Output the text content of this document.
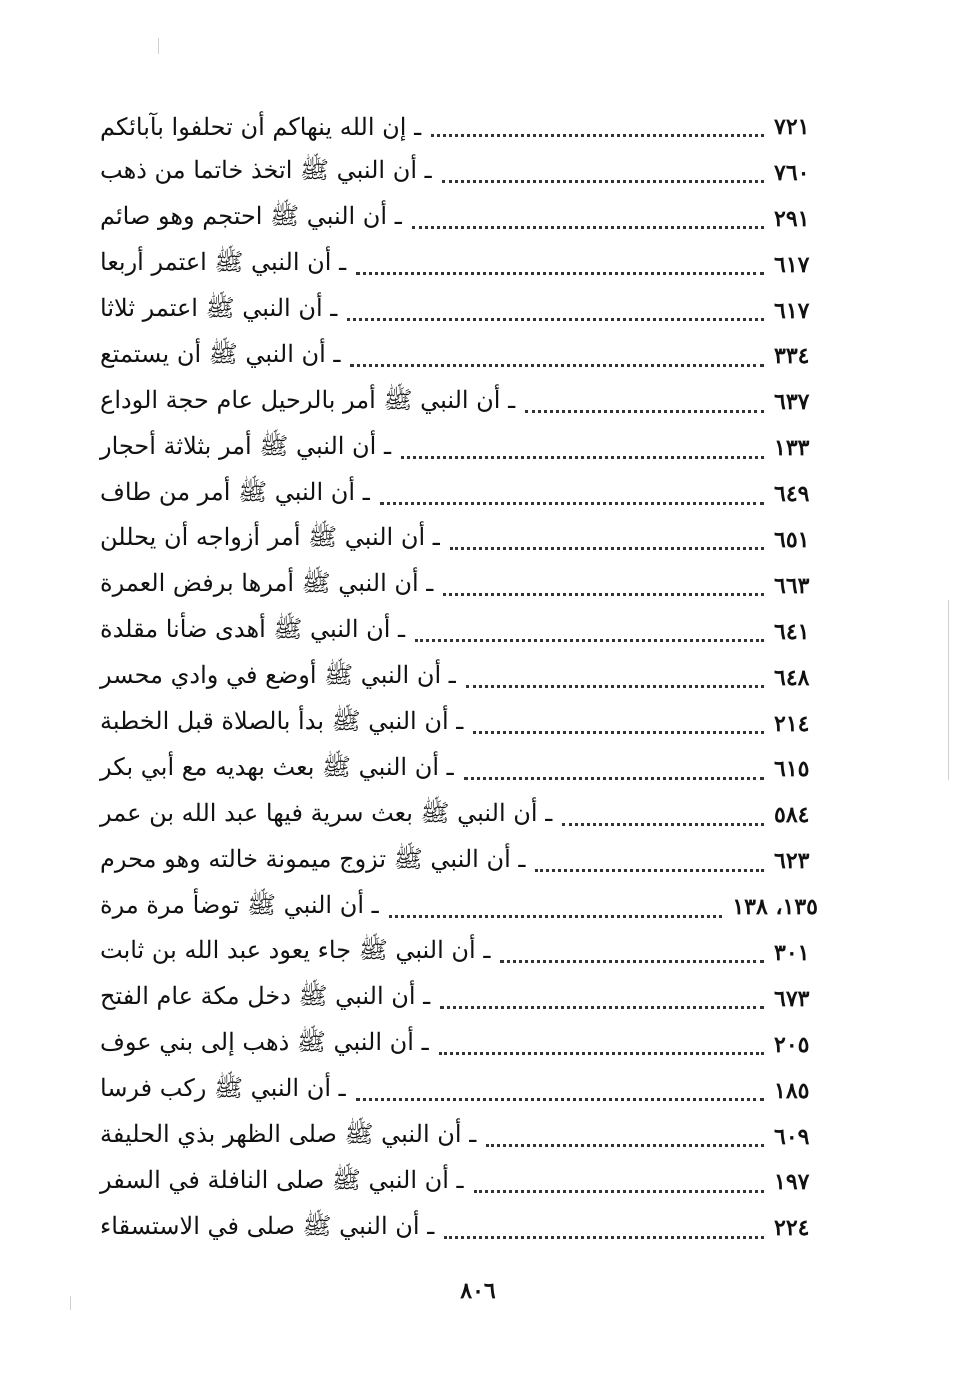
ـ إن الله ينهاكم أن تحلفوا بآبائكم	٧٢١
ـ أن النبي ﷺ اتخذ خاتما من ذهب	٧٦٠
ـ أن النبي ﷺ احتجم وهو صائم	٢٩١
ـ أن النبي ﷺ اعتمر أربعا	٦١٧
ـ أن النبي ﷺ اعتمر ثلاثا	٦١٧
ـ أن النبي ﷺ أن يستمتع	٣٣٤
ـ أن النبي ﷺ أمر بالرحيل عام حجة الوداع	٦٣٧
ـ أن النبي ﷺ أمر بثلاثة أحجار	١٣٣
ـ أن النبي ﷺ أمر من طاف	٦٤٩
ـ أن النبي ﷺ أمر أزواجه أن يحللن	٦٥١
ـ أن النبي ﷺ أمرها برفض العمرة	٦٦٣
ـ أن النبي ﷺ أهدى ضأنا مقلدة	٦٤١
ـ أن النبي ﷺ أوضع في وادي محسر	٦٤٨
ـ أن النبي ﷺ بدأ بالصلاة قبل الخطبة	٢١٤
ـ أن النبي ﷺ بعث بهديه مع أبي بكر	٦١٥
ـ أن النبي ﷺ بعث سرية فيها عبد الله بن عمر	٥٨٤
ـ أن النبي ﷺ تزوج ميمونة خالته وهو محرم	٦٢٣
ـ أن النبي ﷺ توضأ مرة مرة	١٣٥، ١٣٨
ـ أن النبي ﷺ جاء يعود عبد الله بن ثابت	٣٠١
ـ أن النبي ﷺ دخل مكة عام الفتح	٦٧٣
ـ أن النبي ﷺ ذهب إلى بني عوف	٢٠٥
ـ أن النبي ﷺ ركب فرسا	١٨٥
ـ أن النبي ﷺ صلى الظهر بذي الحليفة	٦٠٩
ـ أن النبي ﷺ صلى النافلة في السفر	١٩٧
ـ أن النبي ﷺ صلى في الاستسقاء	٢٢٤
٨٠٦
